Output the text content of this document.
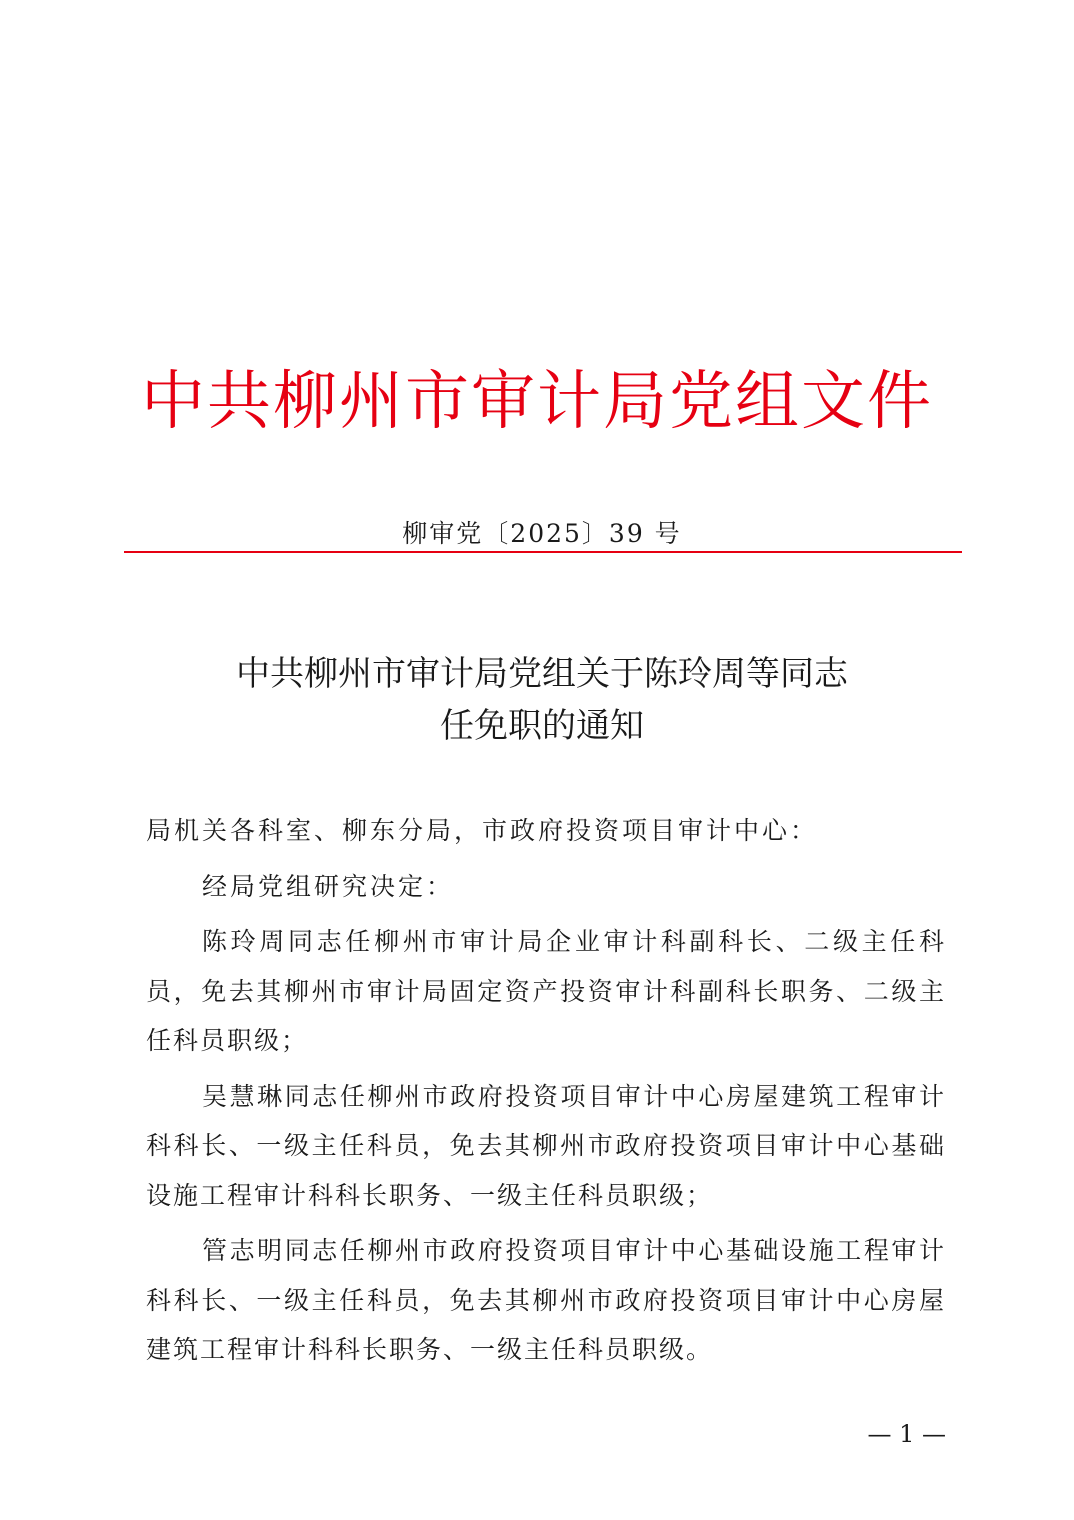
中共柳州市审计局党组文件
柳审党〔2025〕39 号
中共柳州市审计局党组关于陈玲周等同志
任免职的通知

局机关各科室、柳东分局，市政府投资项目审计中心：

经局党组研究决定：

陈玲周同志任柳州市审计局企业审计科副科长、二级主任科员，免去其柳州市审计局固定资产投资审计科副科长职务、二级主任科员职级；

吴慧琳同志任柳州市政府投资项目审计中心房屋建筑工程审计科科长、一级主任科员，免去其柳州市政府投资项目审计中心基础设施工程审计科科长职务、一级主任科员职级；

管志明同志任柳州市政府投资项目审计中心基础设施工程审计科科长、一级主任科员，免去其柳州市政府投资项目审计中心房屋建筑工程审计科科长职务、一级主任科员职级。

— 1 —
